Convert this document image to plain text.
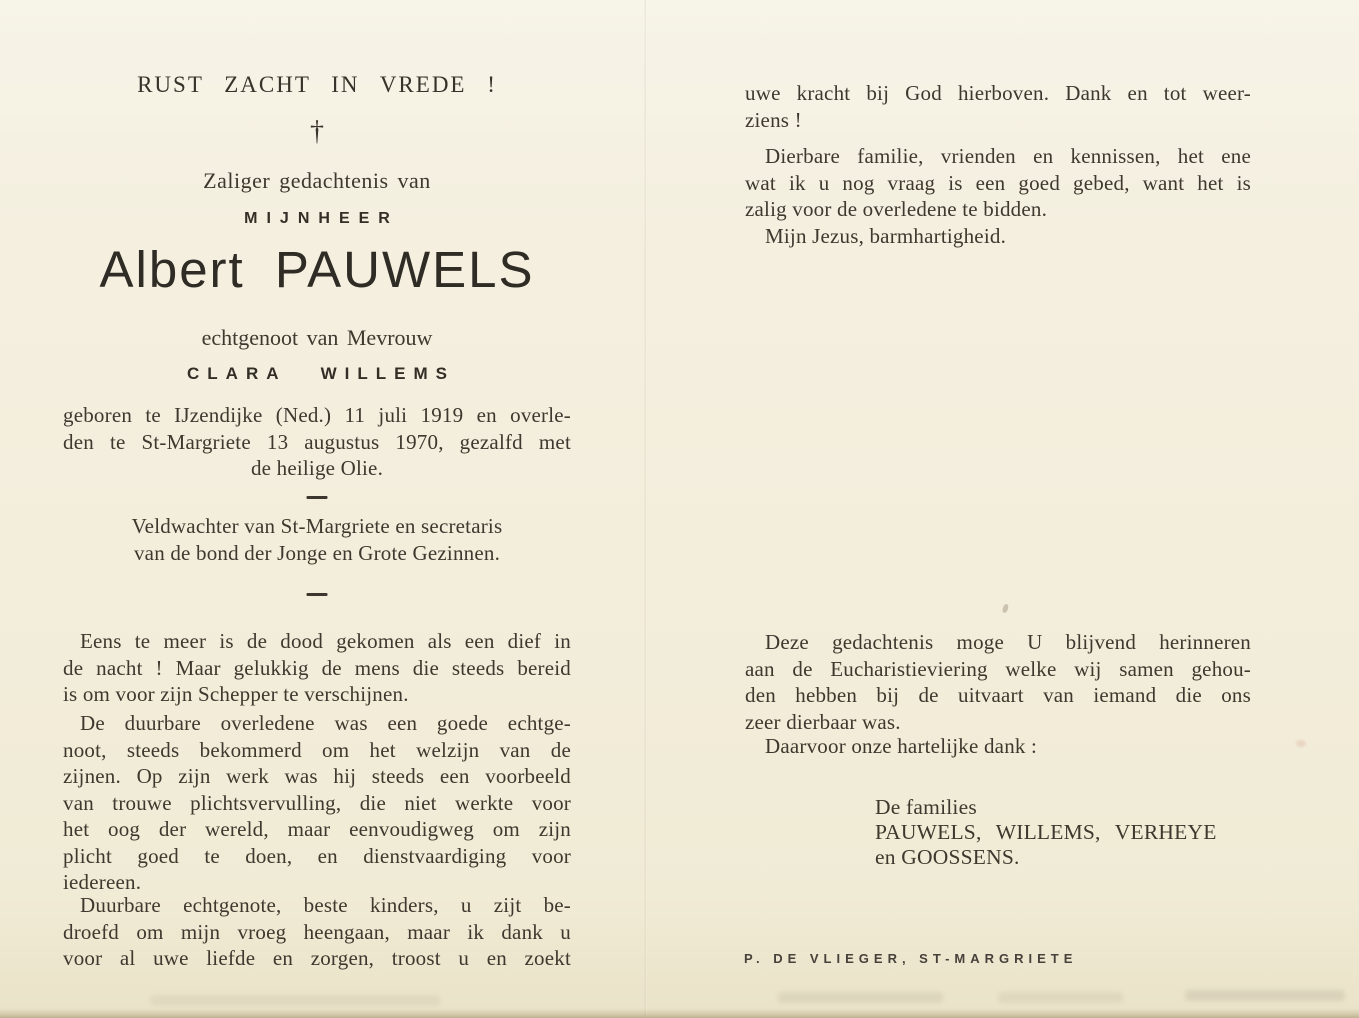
RUST ZACHT IN VREDE !
†
Zaliger gedachtenis van
MIJNHEER
Albert PAUWELS
echtgenoot van Mevrouw
CLARA WILLEMS
geboren te IJzendijke (Ned.) 11 juli 1919 en overle-
den te St-Margriete 13 augustus 1970, gezalfd met
de heilige Olie.
Veldwachter van St-Margriete en secretaris
van de bond der Jonge en Grote Gezinnen.
Eens te meer is de dood gekomen als een dief in
de nacht ! Maar gelukkig de mens die steeds bereid
is om voor zijn Schepper te verschijnen.
De duurbare overledene was een goede echtge-
noot, steeds bekommerd om het welzijn van de
zijnen. Op zijn werk was hij steeds een voorbeeld
van trouwe plichtsvervulling, die niet werkte voor
het oog der wereld, maar eenvoudigweg om zijn
plicht goed te doen, en dienstvaardiging voor
iedereen.
Duurbare echtgenote, beste kinders, u zijt be-
droefd om mijn vroeg heengaan, maar ik dank u
voor al uwe liefde en zorgen, troost u en zoekt
uwe kracht bij God hierboven. Dank en tot weer-
ziens !
Dierbare familie, vrienden en kennissen, het ene
wat ik u nog vraag is een goed gebed, want het is
zalig voor de overledene te bidden.
Mijn Jezus, barmhartigheid.
Deze gedachtenis moge U blijvend herinneren
aan de Eucharistieviering welke wij samen gehou-
den hebben bij de uitvaart van iemand die ons
zeer dierbaar was.
Daarvoor onze hartelijke dank :
De families
PAUWELS, WILLEMS, VERHEYE
en GOOSSENS.
P. DE VLIEGER, ST-MARGRIETE
